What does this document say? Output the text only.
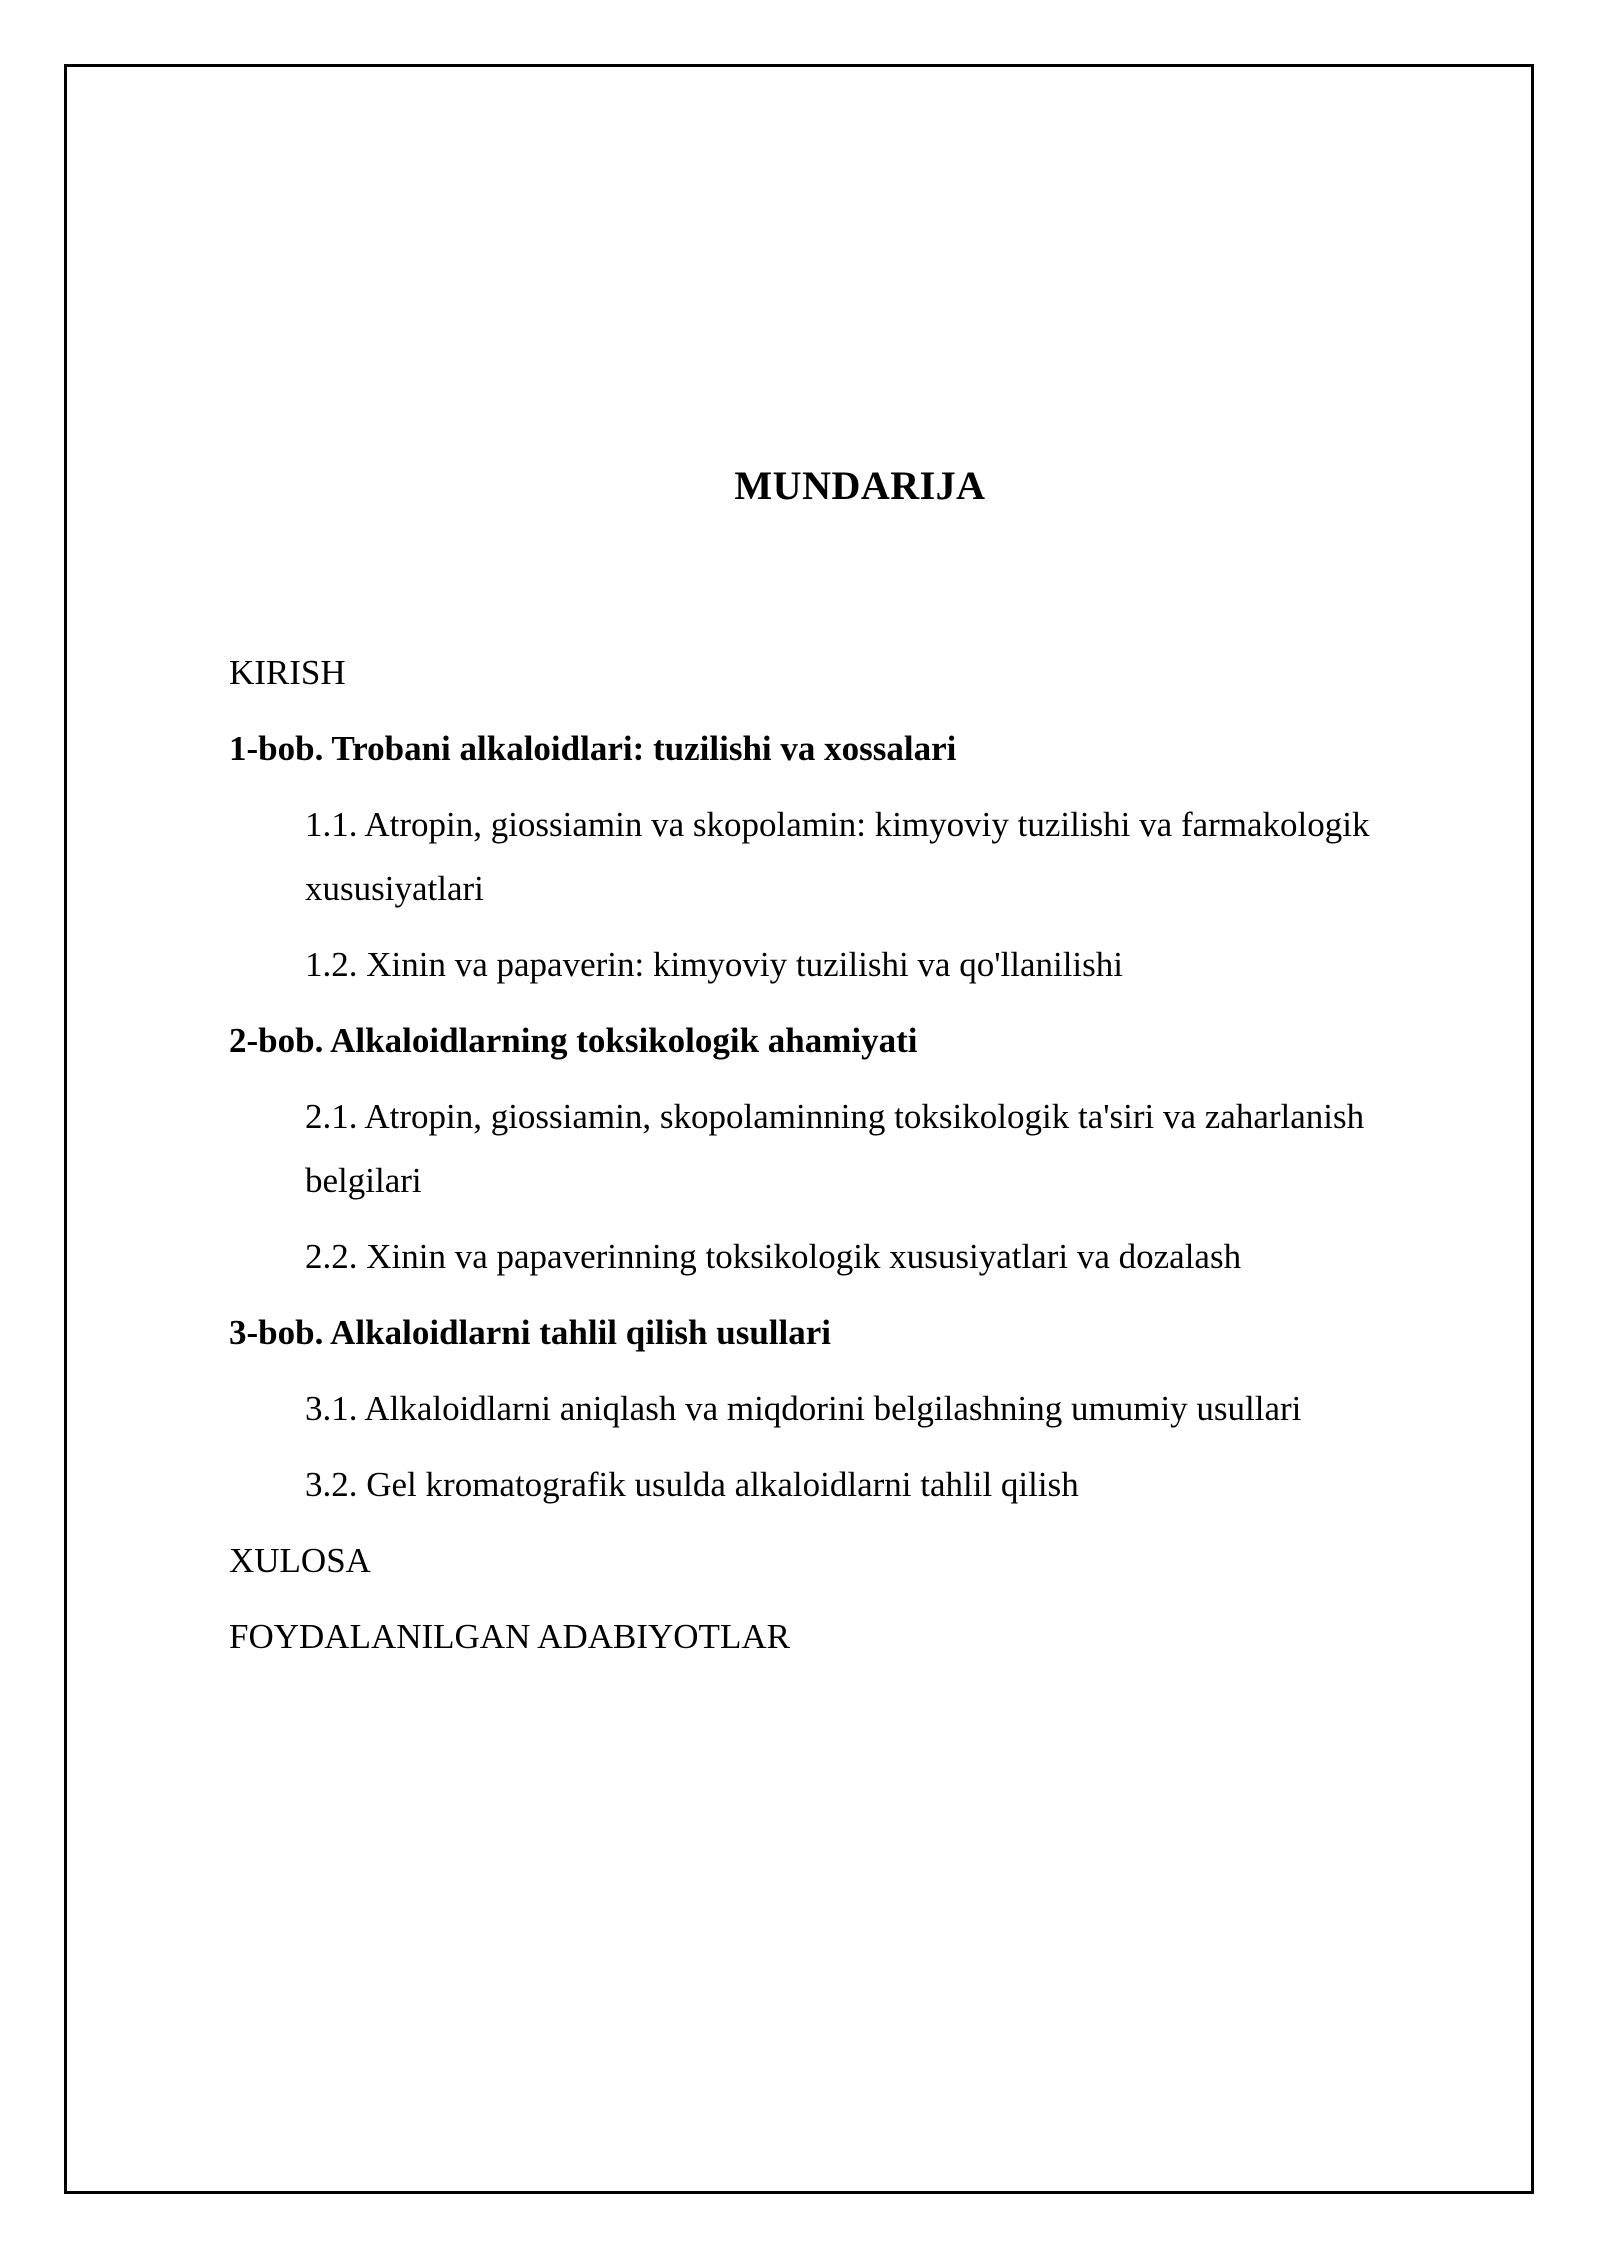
MUNDARIJA
KIRISH
1-bob. Trobani alkaloidlari: tuzilishi va xossalari
1.1. Atropin, giossiamin va skopolamin: kimyoviy tuzilishi va farmakologik xususiyatlari
1.2. Xinin va papaverin: kimyoviy tuzilishi va qo'llanilishi
2-bob. Alkaloidlarning toksikologik ahamiyati
2.1. Atropin, giossiamin, skopolaminning toksikologik ta'siri va zaharlanish belgilari
2.2. Xinin va papaverinning toksikologik xususiyatlari va dozalash
3-bob. Alkaloidlarni tahlil qilish usullari
3.1. Alkaloidlarni aniqlash va miqdorini belgilashning umumiy usullari
3.2. Gel kromatografik usulda alkaloidlarni tahlil qilish
XULOSA
FOYDALANILGAN ADABIYOTLAR
